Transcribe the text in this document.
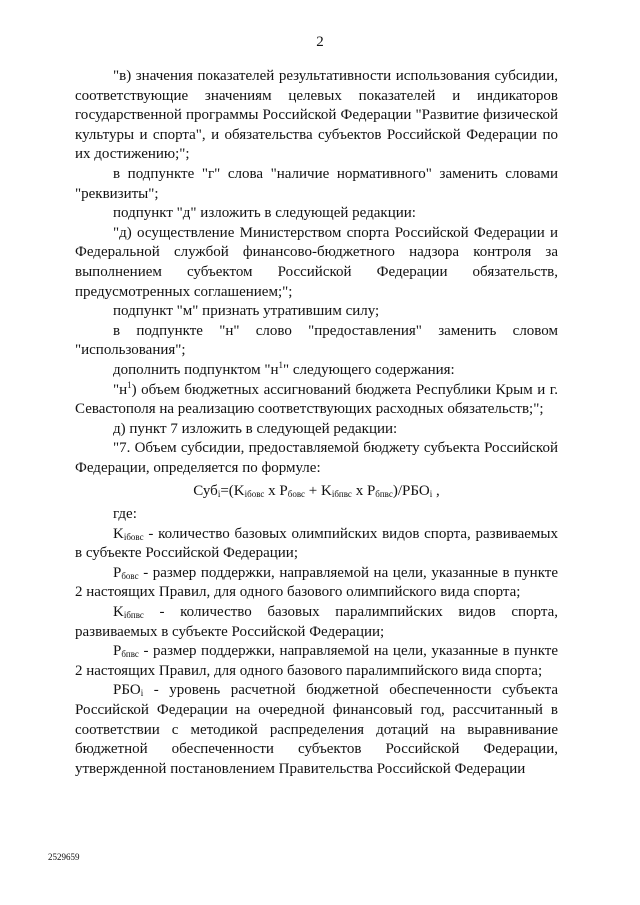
2

"в) значения показателей результативности использования субсидии, соответствующие значениям целевых показателей и индикаторов государственной программы Российской Федерации "Развитие физической культуры и спорта", и обязательства субъектов Российской Федерации по их достижению;";

в подпункте "г" слова "наличие нормативного" заменить словами "реквизиты";

подпункт "д" изложить в следующей редакции:

"д) осуществление Министерством спорта Российской Федерации и Федеральной службой финансово-бюджетного надзора контроля за выполнением субъектом Российской Федерации обязательств, предусмотренных соглашением;";

подпункт "м" признать утратившим силу;

в подпункте "н" слово "предоставления" заменить словом "использования";

дополнить подпунктом "$н^1$" следующего содержания:

"$н^1$) объем бюджетных ассигнований бюджета Республики Крым и г. Севастополя на реализацию соответствующих расходных обязательств;";

д) пункт 7 изложить в следующей редакции:

"7. Объем субсидии, предоставляемой бюджету субъекта Российской Федерации, определяется по формуле:

$Суб_i=(K_{iбовс}$ x $P_{бовс} + K_{iбпвс}$ x $P_{бпвс})/РБО_i$ ,

где:

$K_{iбовс}$ - количество базовых олимпийских видов спорта, развиваемых в субъекте Российской Федерации;

$P_{бовс}$ - размер поддержки, направляемой на цели, указанные в пункте 2 настоящих Правил, для одного базового олимпийского вида спорта;

$K_{iбпвс}$ - количество базовых паралимпийских видов спорта, развиваемых в субъекте Российской Федерации;

$P_{бпвс}$ - размер поддержки, направляемой на цели, указанные в пункте 2 настоящих Правил, для одного базового паралимпийского вида спорта;

$РБО_i$ - уровень расчетной бюджетной обеспеченности субъекта Российской Федерации на очередной финансовый год, рассчитанный в соответствии с методикой распределения дотаций на выравнивание бюджетной обеспеченности субъектов Российской Федерации, утвержденной постановлением Правительства Российской Федерации

2529659
